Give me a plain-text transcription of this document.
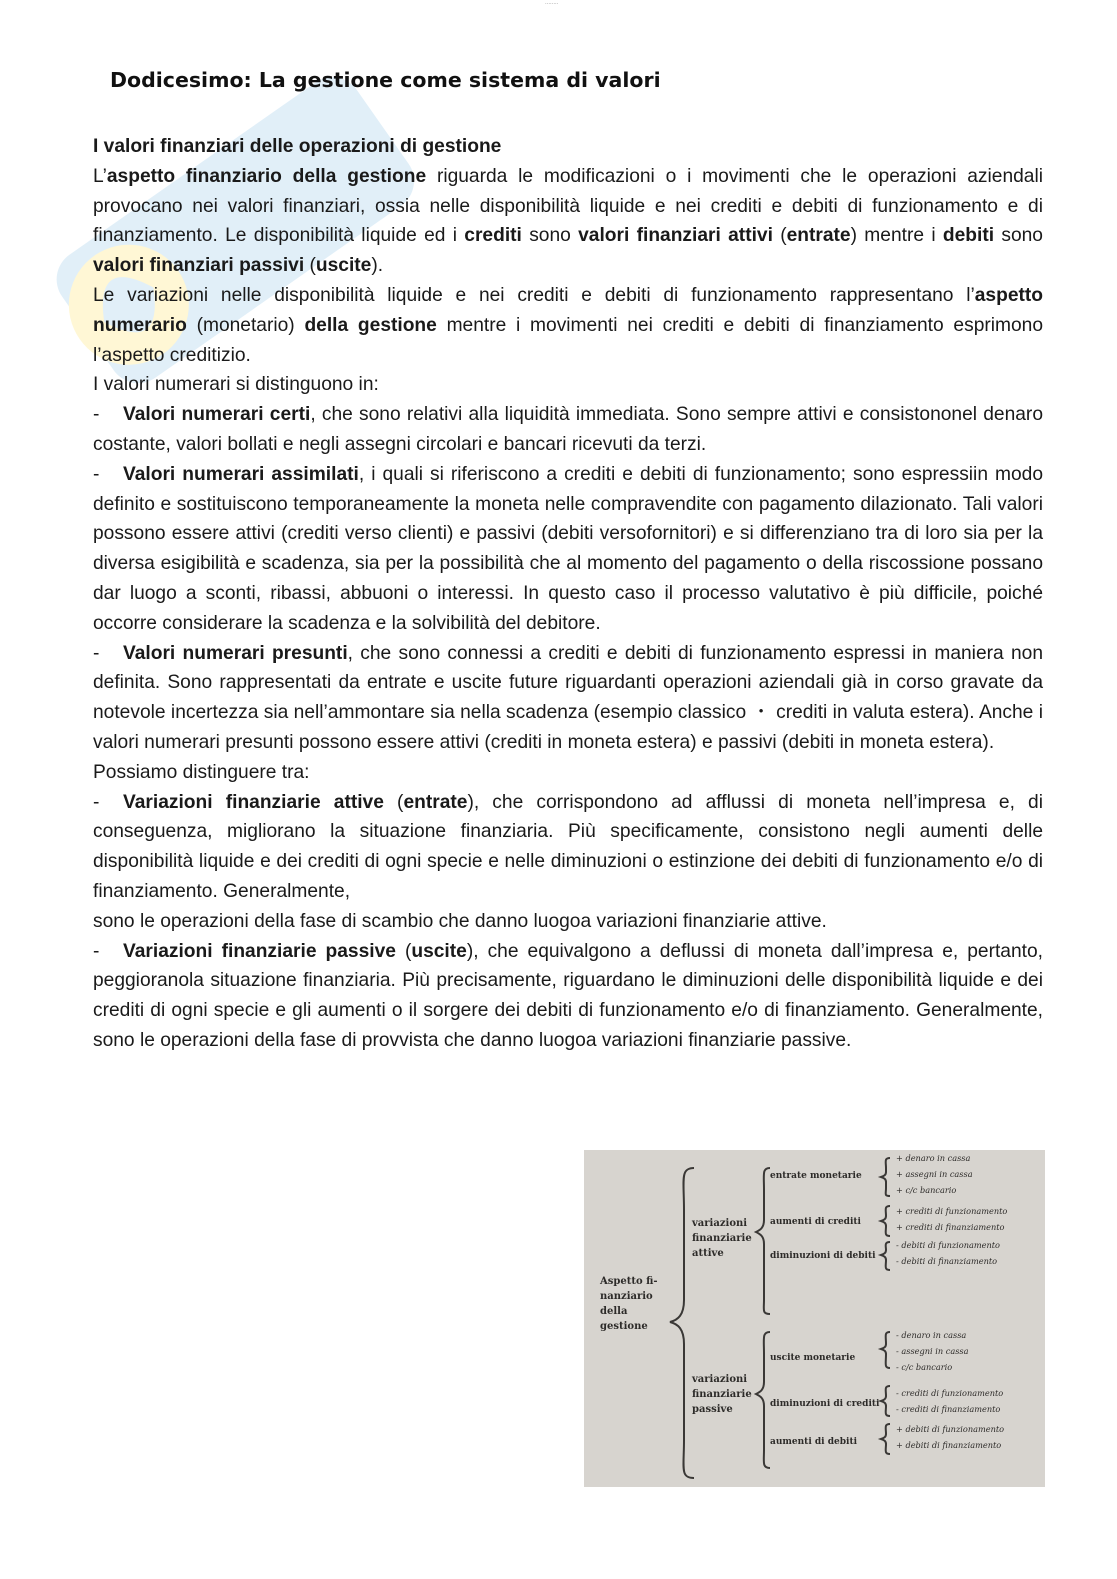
........
Dodicesimo: La gestione come sistema di valori

I valori finanziari delle operazioni di gestione

L’aspetto finanziario della gestione riguarda le modificazioni o i movimenti che le operazioni aziendali provocano nei valori finanziari, ossia nelle disponibilità liquide e nei crediti e debiti di funzionamento e di finanziamento. Le disponibilità liquide ed i crediti sono valori finanziari attivi (entrate) mentre i debiti sono valori finanziari passivi (uscite).

Le variazioni nelle disponibilità liquide e nei crediti e debiti di funzionamento rappresentano l’aspetto numerario (monetario) della gestione mentre i movimenti nei crediti e debiti di finanziamento esprimono l’aspetto creditizio.

I valori numerari si distinguono in:

- Valori numerari certi, che sono relativi alla liquidità immediata. Sono sempre attivi e consistononel denaro costante, valori bollati e negli assegni circolari e bancari ricevuti da terzi.

- Valori numerari assimilati, i quali si riferiscono a crediti e debiti di funzionamento; sono espressiin modo definito e sostituiscono temporaneamente la moneta nelle compravendite con pagamento dilazionato. Tali valori possono essere attivi (crediti verso clienti) e passivi (debiti versofornitori) e si differenziano tra di loro sia per la diversa esigibilità e scadenza, sia per la possibilità che al momento del pagamento o della riscossione possano dar luogo a sconti, ribassi, abbuoni o interessi. In questo caso il processo valutativo è più difficile, poiché occorre considerare la scadenza e la solvibilità del debitore.

- Valori numerari presunti, che sono connessi a crediti e debiti di funzionamento espressi in maniera non definita. Sono rappresentati da entrate e uscite future riguardanti operazioni aziendali già in corso gravate da notevole incertezza sia nell’ammontare sia nella scadenza (esempio classico ・ crediti in valuta estera). Anche i valori numerari presunti possono essere attivi (crediti in moneta estera) e passivi (debiti in moneta estera).

Possiamo distinguere tra:

- Variazioni finanziarie attive (entrate), che corrispondono ad afflussi di moneta nell’impresa e, di conseguenza, migliorano la situazione finanziaria. Più specificamente, consistono negli aumenti delle disponibilità liquide e dei crediti di ogni specie e nelle diminuzioni o estinzione dei debiti di funzionamento e/o di finanziamento. Generalmente,

sono le operazioni della fase di scambio che danno luogoa variazioni finanziarie attive.

- Variazioni finanziarie passive (uscite), che equivalgono a deflussi di moneta dall’impresa e, pertanto, peggioranola situazione finanziaria. Più precisamente, riguardano le diminuzioni delle disponibilità liquide e dei crediti di ogni specie e gli aumenti o il sorgere dei debiti di funzionamento e/o di finanziamento. Generalmente, sono le operazioni della fase di provvista che danno luogoa variazioni finanziarie passive.

Aspetto fi-
nanziario
della
gestione
variazioni
finanziarie
attive
variazioni
finanziarie
passive
entrate monetarie
+ denaro in cassa
+ assegni in cassa
+ c/c bancario
aumenti di crediti
+ crediti di funzionamento
+ crediti di finanziamento
diminuzioni di debiti
- debiti di funzionamento
- debiti di finanziamento
uscite monetarie
- denaro in cassa
- assegni in cassa
- c/c bancario
diminuzioni di crediti
- crediti di funzionamento
- crediti di finanziamento
aumenti di debiti
+ debiti di funzionamento
+ debiti di finanziamento
